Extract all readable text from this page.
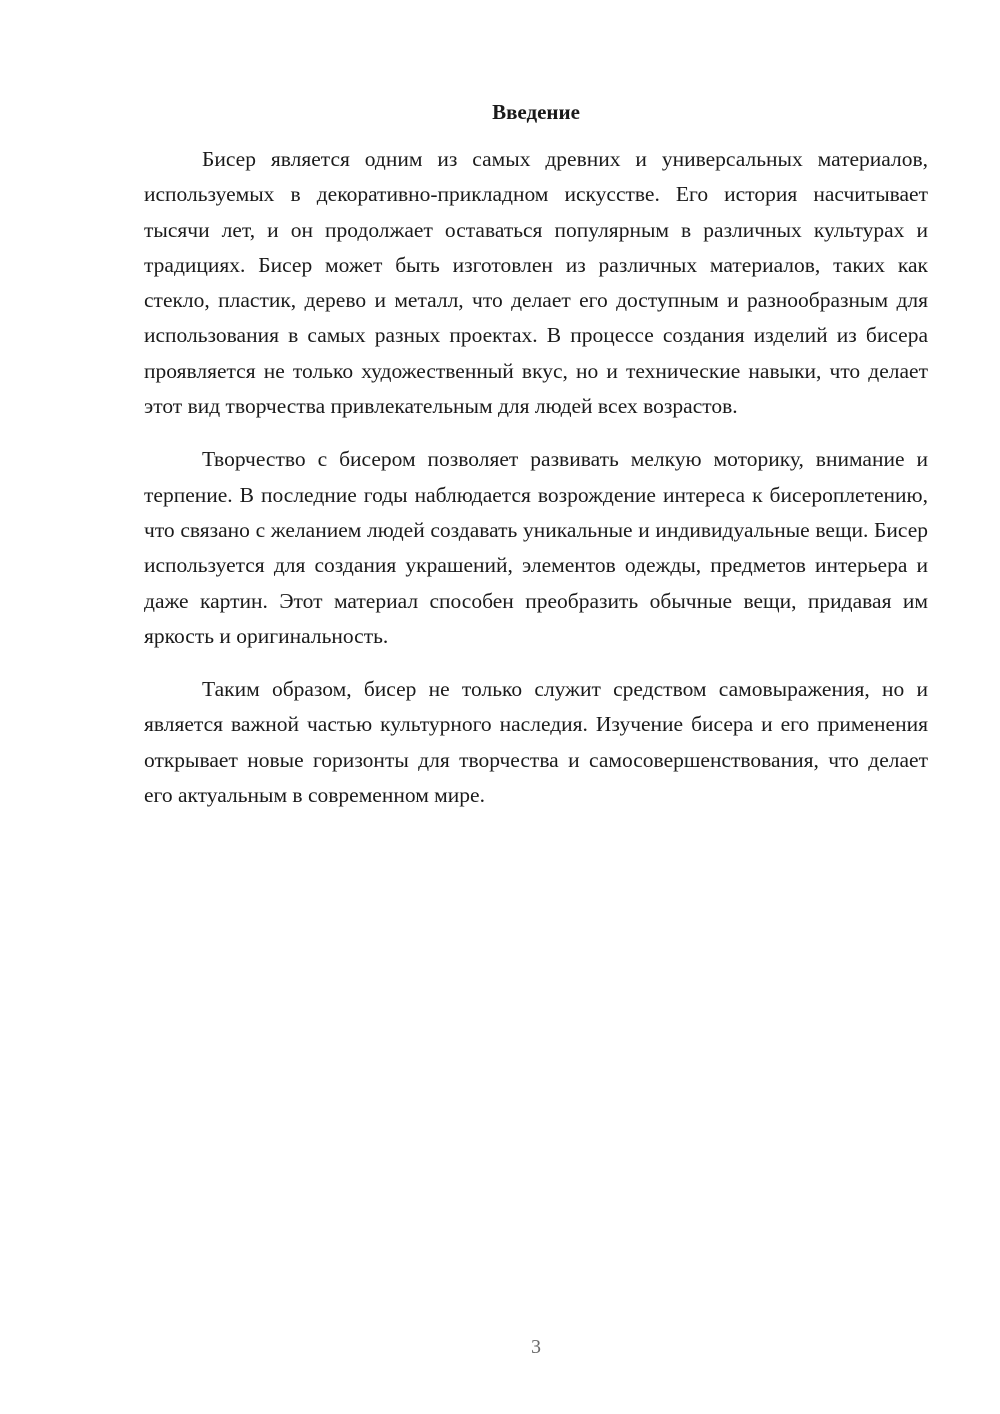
Введение

Бисер является одним из самых древних и универсальных материалов, используемых в декоративно-прикладном искусстве. Его история насчитывает тысячи лет, и он продолжает оставаться популярным в различных культурах и традициях. Бисер может быть изготовлен из различных материалов, таких как стекло, пластик, дерево и металл, что делает его доступным и разнообразным для использования в самых разных проектах. В процессе создания изделий из бисера проявляется не только художественный вкус, но и технические навыки, что делает этот вид творчества привлекательным для людей всех возрастов.

Творчество с бисером позволяет развивать мелкую моторику, внимание и терпение. В последние годы наблюдается возрождение интереса к бисероплетению, что связано с желанием людей создавать уникальные и индивидуальные вещи. Бисер используется для создания украшений, элементов одежды, предметов интерьера и даже картин. Этот материал способен преобразить обычные вещи, придавая им яркость и оригинальность.

Таким образом, бисер не только служит средством самовыражения, но и является важной частью культурного наследия. Изучение бисера и его применения открывает новые горизонты для творчества и самосовершенствования, что делает его актуальным в современном мире.

3
